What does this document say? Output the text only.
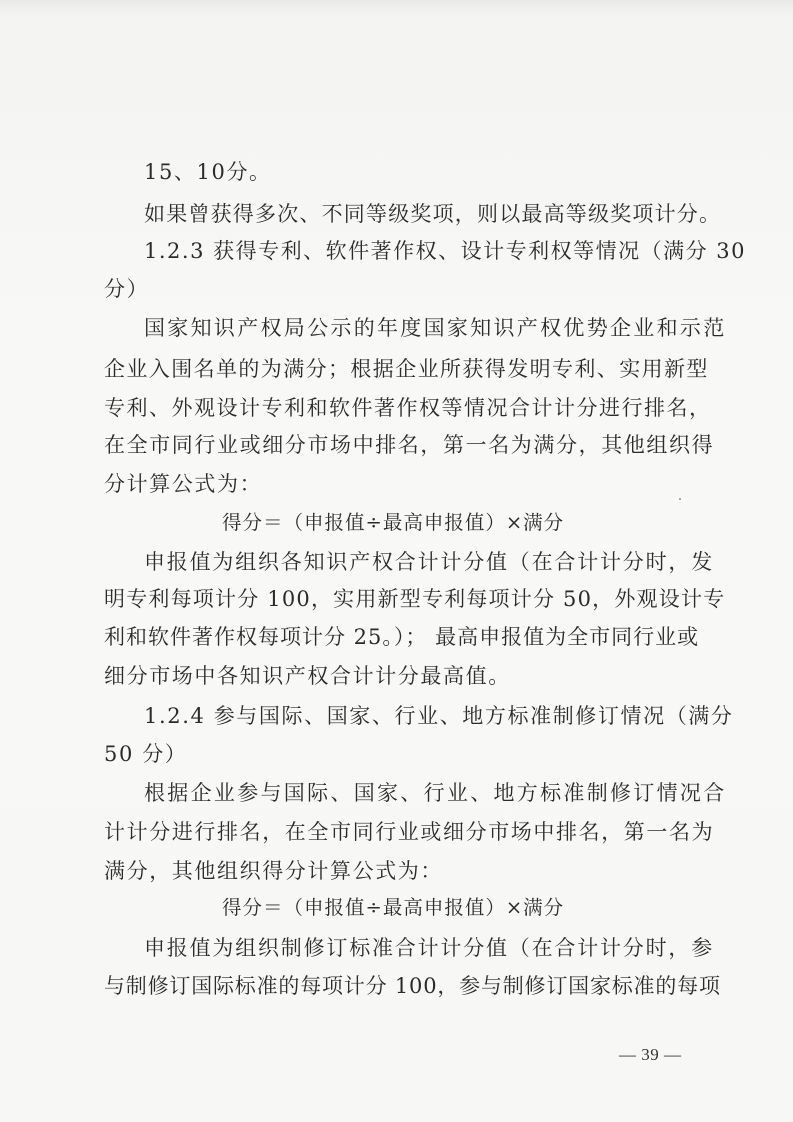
15、10分。
如果曾获得多次、不同等级奖项，则以最高等级奖项计分。
1.2.3 获得专利、软件著作权、设计专利权等情况（满分 30
分）
国家知识产权局公示的年度国家知识产权优势企业和示范
企业入围名单的为满分；根据企业所获得发明专利、实用新型
专利、外观设计专利和软件著作权等情况合计计分进行排名，
在全市同行业或细分市场中排名，第一名为满分，其他组织得
分计算公式为：
得分＝（申报值÷最高申报值）×满分
申报值为组织各知识产权合计计分值（在合计计分时，发
明专利每项计分 100，实用新型专利每项计分 50，外观设计专
利和软件著作权每项计分 25。）； 最高申报值为全市同行业或
细分市场中各知识产权合计计分最高值。
1.2.4 参与国际、国家、行业、地方标准制修订情况（满分
50 分）
根据企业参与国际、国家、行业、地方标准制修订情况合
计计分进行排名，在全市同行业或细分市场中排名，第一名为
满分，其他组织得分计算公式为：
得分＝（申报值÷最高申报值）×满分
申报值为组织制修订标准合计计分值（在合计计分时，参
与制修订国际标准的每项计分 100，参与制修订国家标准的每项
— 39 —
